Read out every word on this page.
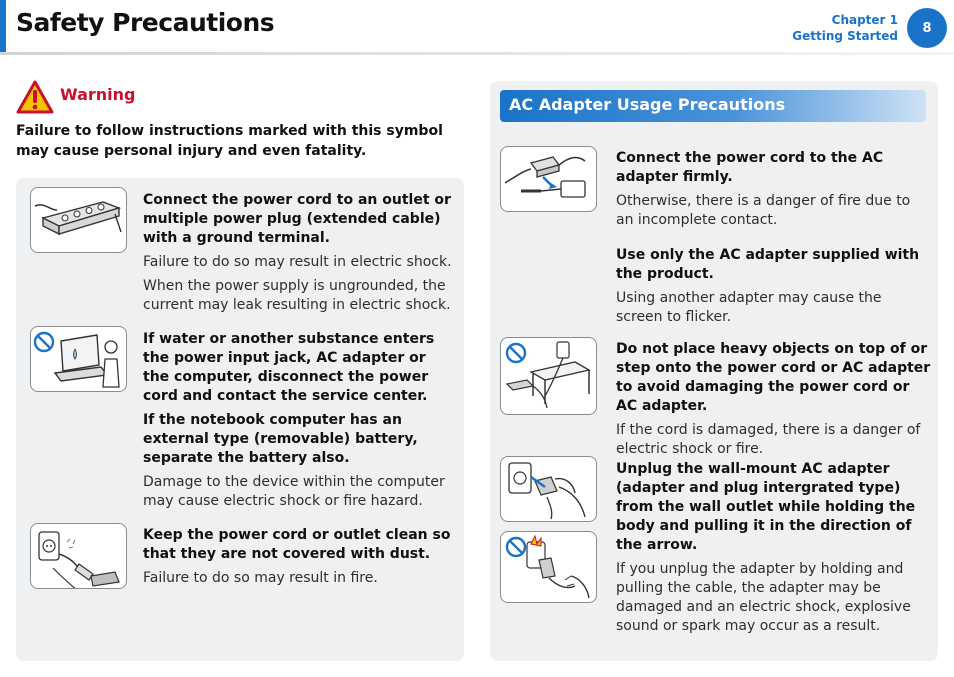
Safety Precautions	Chapter 1
Getting Started
8
Warning

Failure to follow instructions marked with this symbol may cause personal injury and even fatality.

Connect the power cord to an outlet or multiple power plug (extended cable) with a ground terminal.

Failure to do so may result in electric shock.

When the power supply is ungrounded, the current may leak resulting in electric shock.

If water or another substance enters the power input jack, AC adapter or the computer, disconnect the power cord and contact the service center.

If the notebook computer has an external type (removable) battery, separate the battery also.

Damage to the device within the computer may cause electric shock or fire hazard.

Keep the power cord or outlet clean so that they are not covered with dust.

Failure to do so may result in fire.

AC Adapter Usage Precautions

Connect the power cord to the AC adapter firmly.

Otherwise, there is a danger of fire due to an incomplete contact.

Use only the AC adapter supplied with the product.

Using another adapter may cause the screen to flicker.

Do not place heavy objects on top of or step onto the power cord or AC adapter to avoid damaging the power cord or AC adapter.

If the cord is damaged, there is a danger of electric shock or fire.

Unplug the wall-mount AC adapter (adapter and plug intergrated type) from the wall outlet while holding the body and pulling it in the direction of the arrow.

If you unplug the adapter by holding and pulling the cable, the adapter may be damaged and an electric shock, explosive sound or spark may occur as a result.
